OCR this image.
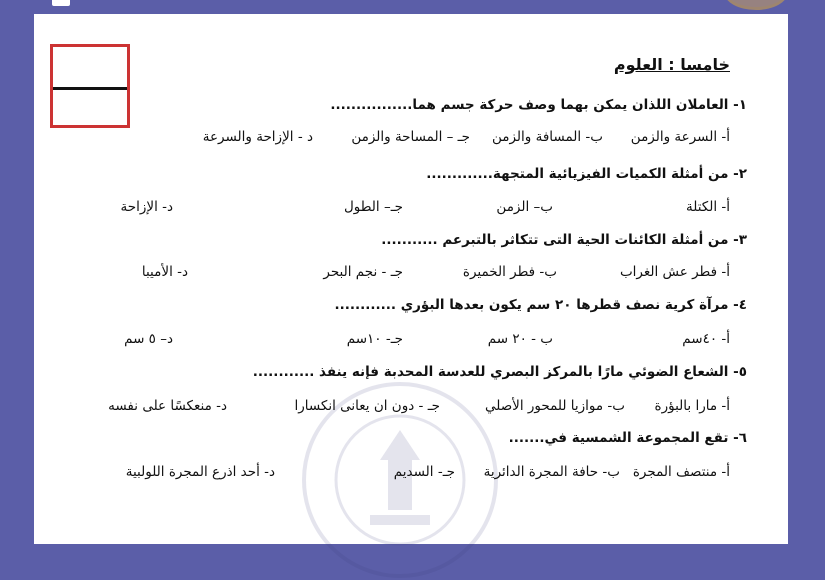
خامسا : العلوم
١- العاملان اللذان يمكن بهما وصف حركة جسم هما................
أ- السرعة والزمن
ب- المسافة والزمن
جـ – المساحة والزمن
د - الإزاحة والسرعة
٢- من أمثلة الكميات الفيزيائية المتجهة.............
أ- الكتلة
ب– الزمن
جـ– الطول
د- الإزاحة
٣- من أمثلة الكائنات الحية التى تتكاثر بالتبرعم ...........
أ- فطر عش الغراب
ب- فطر الخميرة
جـ - نجم البحر
د- الأميبا
٤- مرآة كرية نصف قطرها ٢٠ سم يكون بعدها البؤري ............
أ- ٤٠سم
ب - ٢٠ سم
جـ- ١٠سم
د– ٥ سم
٥- الشعاع الضوئي مارًا بالمركز البصري للعدسة المحدبة فإنه ينفذ ............
أ- مارا بالبؤرة
ب- موازيا للمحور الأصلي
جـ - دون ان يعانى انكسارا
د- منعكسًا على نفسه
٦- تقع المجموعة الشمسية في.......
أ- منتصف المجرة
ب- حافة المجرة الدائرية
جـ- السديم
د- أحد اذرع المجرة اللولبية
